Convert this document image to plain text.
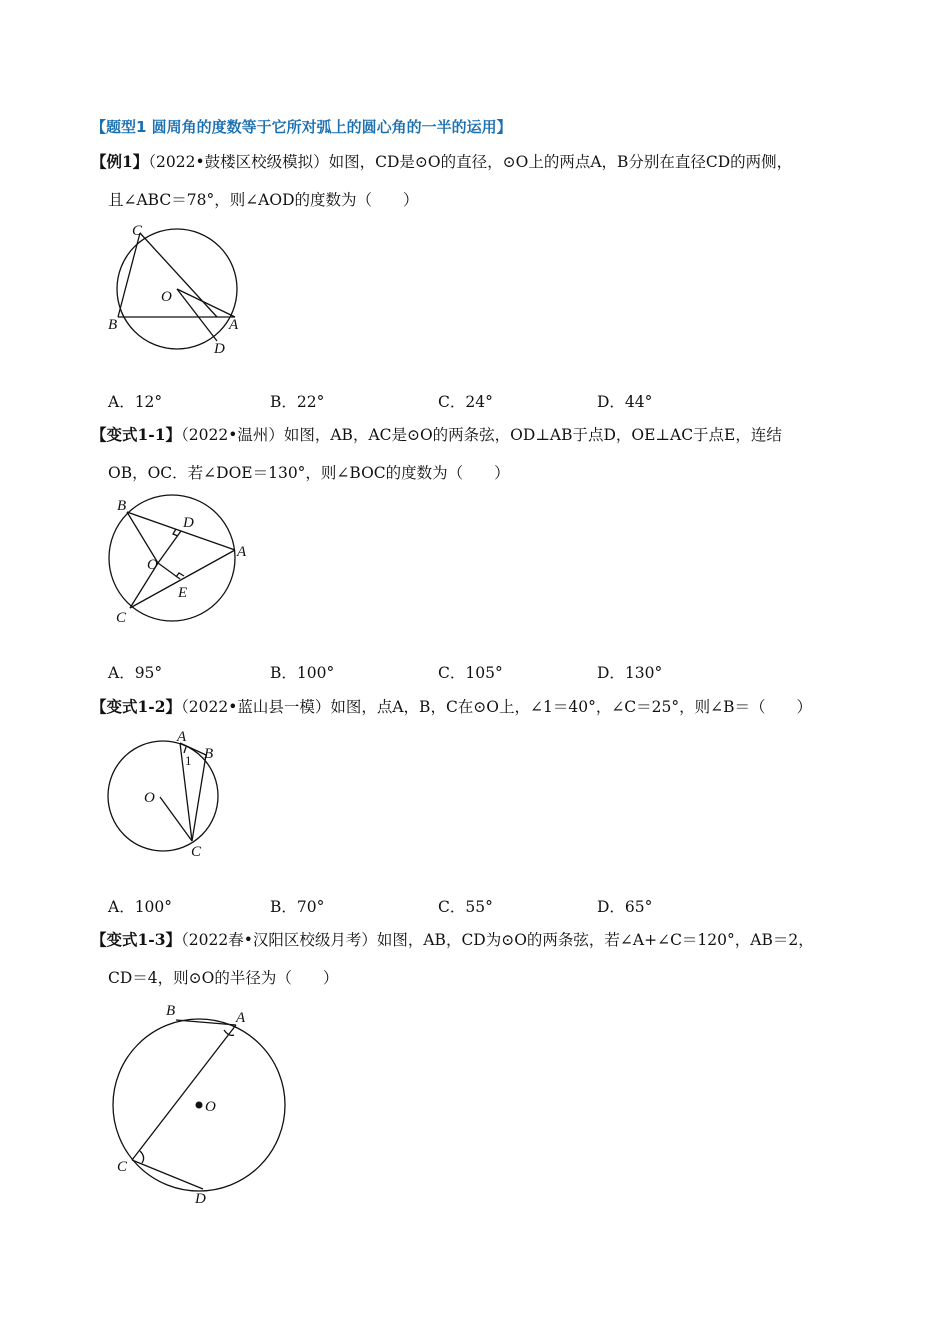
【题型1 圆周角的度数等于它所对弧上的圆心角的一半的运用】
【例1】（2022•鼓楼区校级模拟）如图，CD是⊙O的直径，⊙O上的两点A，B分别在直径CD的两侧，
且∠ABC＝78°，则∠AOD的度数为（　　）
C
O
B	A
D
A．12°	B．22°	C．24°	D．44°
【变式1-1】（2022•温州）如图，AB，AC是⊙O的两条弦，OD⊥AB于点D，OE⊥AC于点E，连结
OB，OC．若∠DOE＝130°，则∠BOC的度数为（　　）
B
D
A
O
E
C
A．95°	B．100°	C．105°	D．130°
【变式1-2】（2022•蓝山县一模）如图，点A，B，C在⊙O上，∠1＝40°，∠C＝25°，则∠B＝（　　）
A
B
1
O
C
A．100°	B．70°	C．55°	D．65°
【变式1-3】（2022春•汉阳区校级月考）如图，AB，CD为⊙O的两条弦，若∠A+∠C＝120°，AB＝2，
CD＝4，则⊙O的半径为（　　）
B	A
O
C
D
